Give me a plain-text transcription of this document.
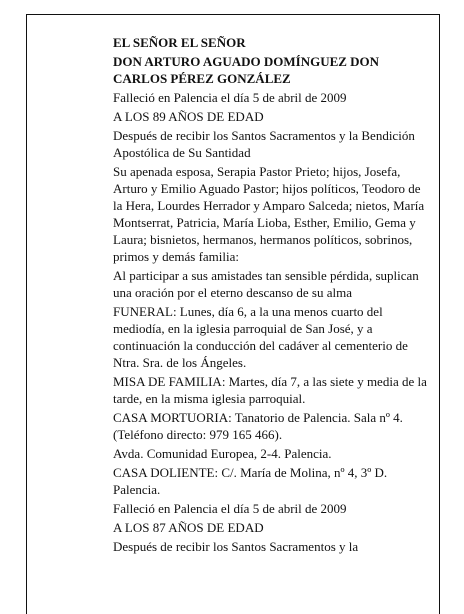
EL SEÑOR EL SEÑOR

DON ARTURO AGUADO DOMÍNGUEZ DON CARLOS PÉREZ GONZÁLEZ

Falleció en Palencia el día 5 de abril de 2009

A LOS 89 AÑOS DE EDAD

Después de recibir los Santos Sacramentos y la Bendición Apostólica de Su Santidad

Su apenada esposa, Serapia Pastor Prieto; hijos, Josefa, Arturo y Emilio Aguado Pastor; hijos políticos, Teodoro de la Hera, Lourdes Herrador y Amparo Salceda; nietos, María Montserrat, Patricia, María Lioba, Esther, Emilio, Gema y Laura; bisnietos, hermanos, hermanos políticos, sobrinos, primos y demás familia:

Al participar a sus amistades tan sensible pérdida, suplican una oración por el eterno descanso de su alma

FUNERAL: Lunes, día 6, a la una menos cuarto del mediodía, en la iglesia parroquial de San José, y a continuación la conducción del cadáver al cementerio de Ntra. Sra. de los Ángeles.

MISA DE FAMILIA: Martes, día 7, a las siete y media de la tarde, en la misma iglesia parroquial.

CASA MORTUORIA: Tanatorio de Palencia. Sala nº 4. (Teléfono directo: 979 165 466).

Avda. Comunidad Europea, 2-4. Palencia.

CASA DOLIENTE: C/. María de Molina, nº 4, 3º D. Palencia.

Falleció en Palencia el día 5 de abril de 2009

A LOS 87 AÑOS DE EDAD

Después de recibir los Santos Sacramentos y la
